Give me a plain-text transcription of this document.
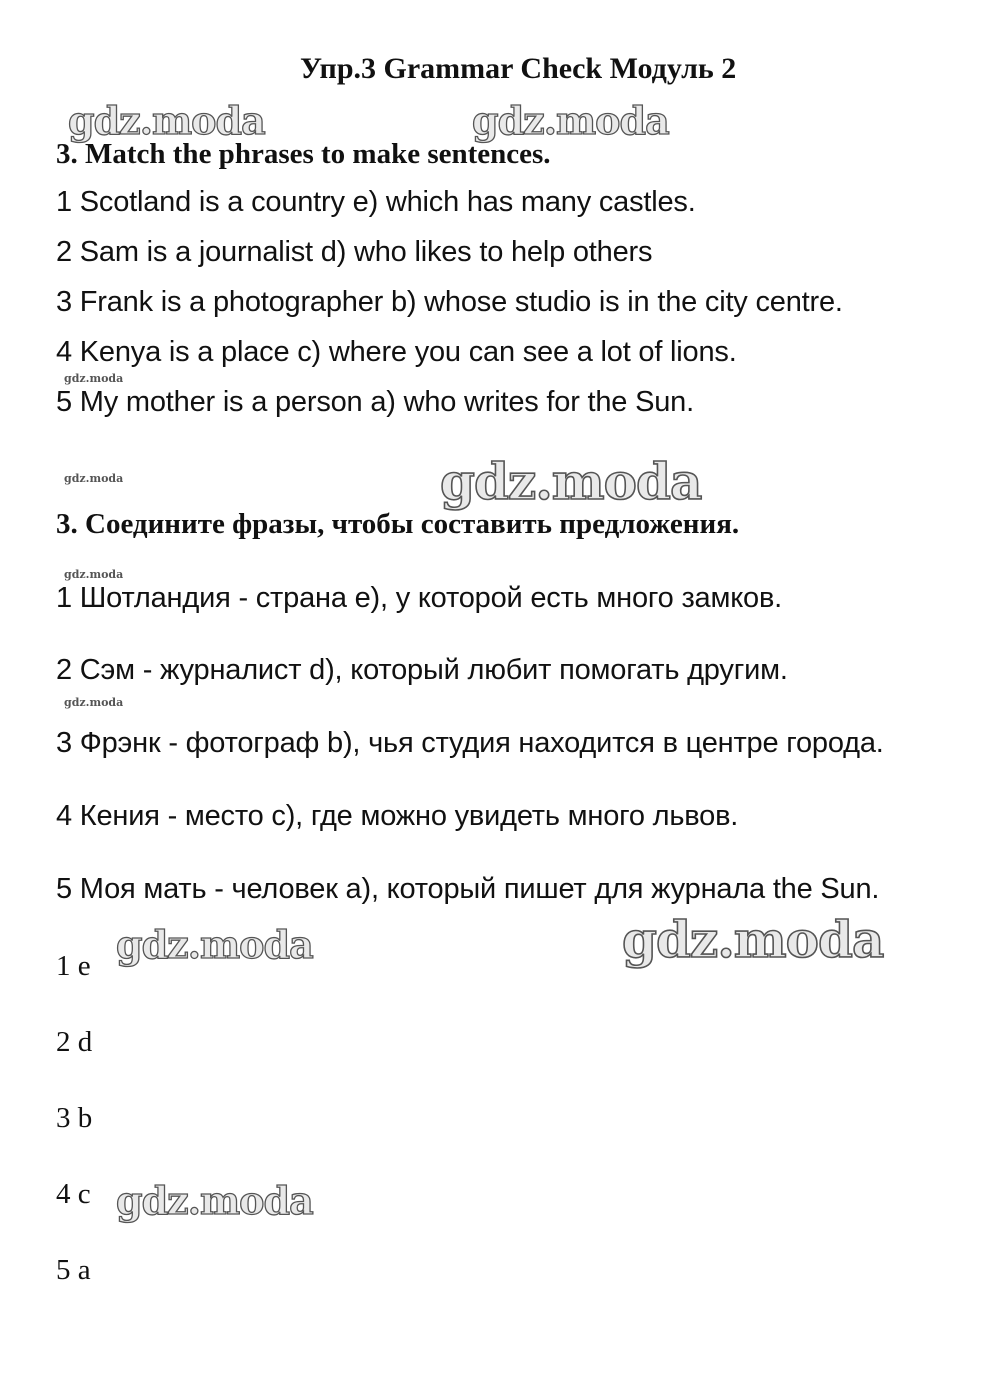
Упр.3 Grammar Check Модуль 2
gdz.moda	gdz.moda
gdz.moda
gdz.moda	gdz.moda
gdz.moda
gdz.moda
gdz.moda	gdz.moda
gdz.moda
3. Match the phrases to make sentences.
1 Scotland is a country e) which has many castles.
2 Sam is a journalist d) who likes to help others
3 Frank is a photographer b) whose studio is in the city centre.
4 Kenya is a place c) where you can see a lot of lions.
5 My mother is a person a) who writes for the Sun.
3. Соедините фразы, чтобы составить предложения.
1 Шотландия - страна e), у которой есть много замков.
2 Сэм - журналист d), который любит помогать другим.
3 Фрэнк - фотограф b), чья студия находится в центре города.
4 Кения - место c), где можно увидеть много львов.
5 Моя мать - человек a), который пишет для журнала the Sun.
1 e
2 d
3 b
4 c
5 a
